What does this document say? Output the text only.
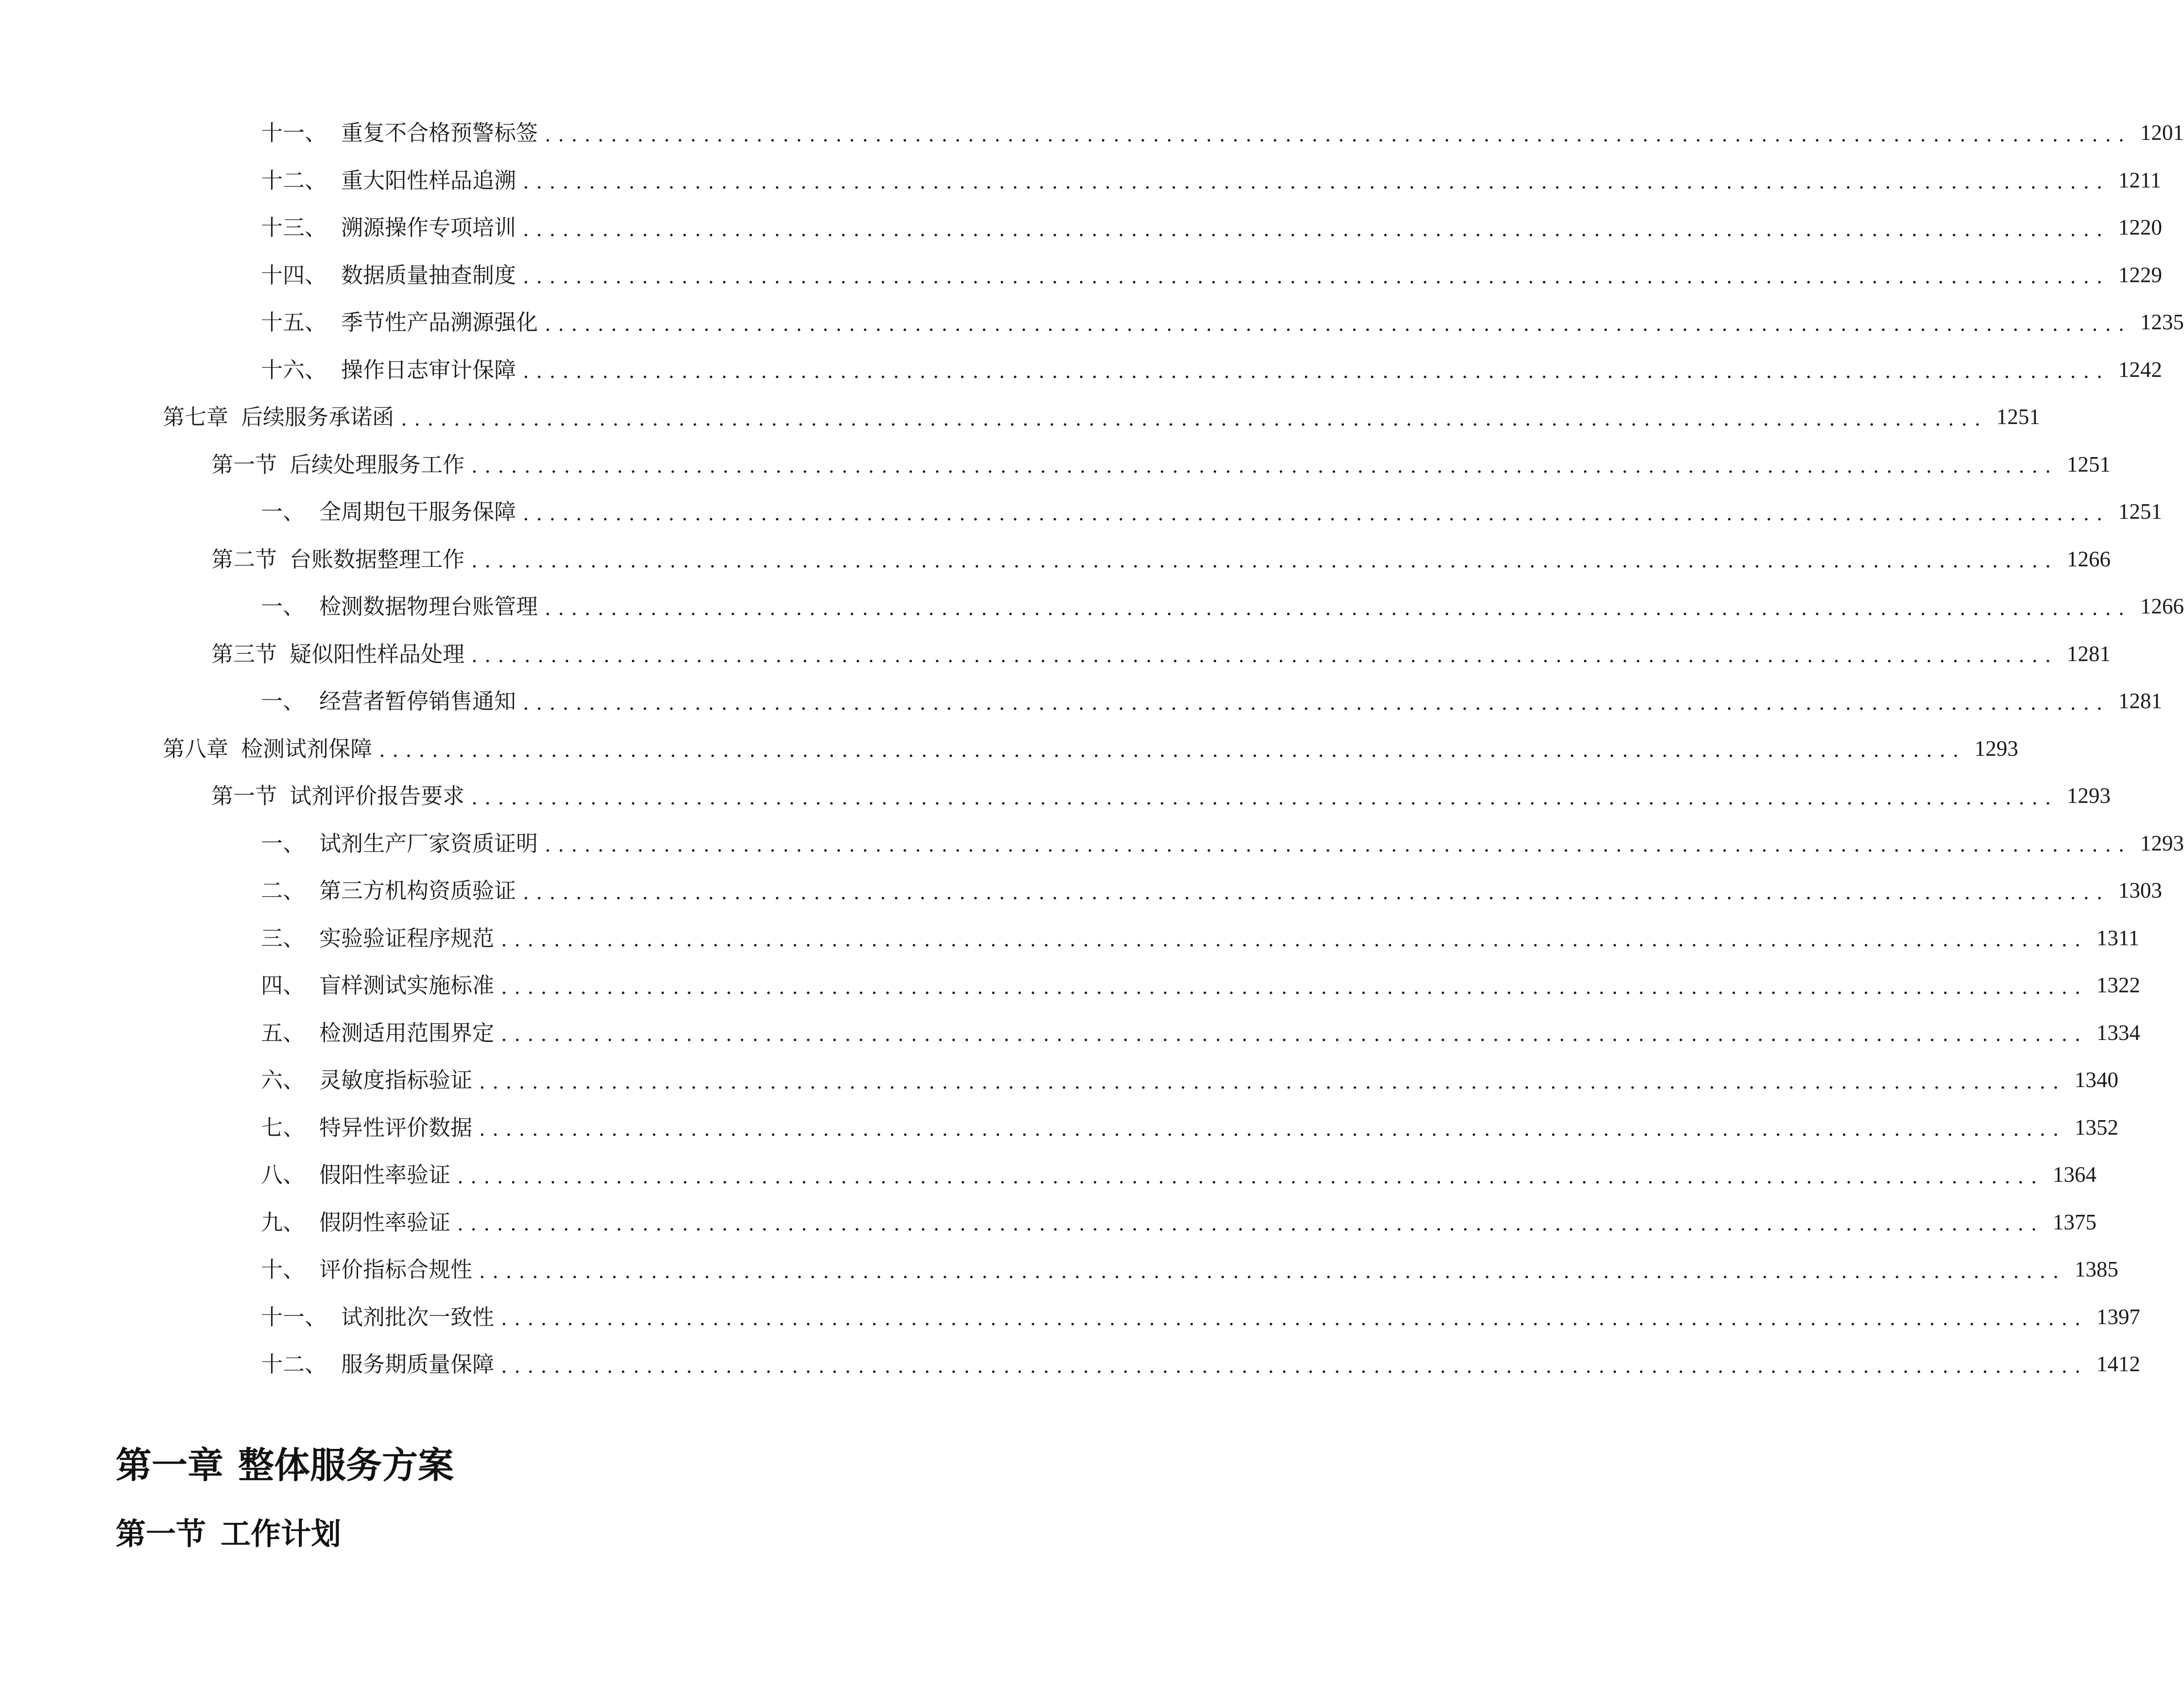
十一、 重复不合格预警标签 ........................................................................................................................ 1201
十二、 重大阳性样品追溯 ........................................................................................................................ 1211
十三、 溯源操作专项培训 ........................................................................................................................ 1220
十四、 数据质量抽查制度 ........................................................................................................................ 1229
十五、 季节性产品溯源强化 ........................................................................................................................ 1235
十六、 操作日志审计保障 ........................................................................................................................ 1242
第七章 后续服务承诺函 ........................................................................................................................ 1251
第一节 后续处理服务工作 ........................................................................................................................ 1251
一、 全周期包干服务保障 ........................................................................................................................ 1251
第二节 台账数据整理工作 ........................................................................................................................ 1266
一、 检测数据物理台账管理 ........................................................................................................................ 1266
第三节 疑似阳性样品处理 ........................................................................................................................ 1281
一、 经营者暂停销售通知 ........................................................................................................................ 1281
第八章 检测试剂保障 ........................................................................................................................ 1293
第一节 试剂评价报告要求 ........................................................................................................................ 1293
一、 试剂生产厂家资质证明 ........................................................................................................................ 1293
二、 第三方机构资质验证 ........................................................................................................................ 1303
三、 实验验证程序规范 ........................................................................................................................ 1311
四、 盲样测试实施标准 ........................................................................................................................ 1322
五、 检测适用范围界定 ........................................................................................................................ 1334
六、 灵敏度指标验证 ........................................................................................................................ 1340
七、 特异性评价数据 ........................................................................................................................ 1352
八、 假阳性率验证 ........................................................................................................................ 1364
九、 假阴性率验证 ........................................................................................................................ 1375
十、 评价指标合规性 ........................................................................................................................ 1385
十一、 试剂批次一致性 ........................................................................................................................ 1397
十二、 服务期质量保障 ........................................................................................................................ 1412
第一章 整体服务方案
第一节 工作计划
